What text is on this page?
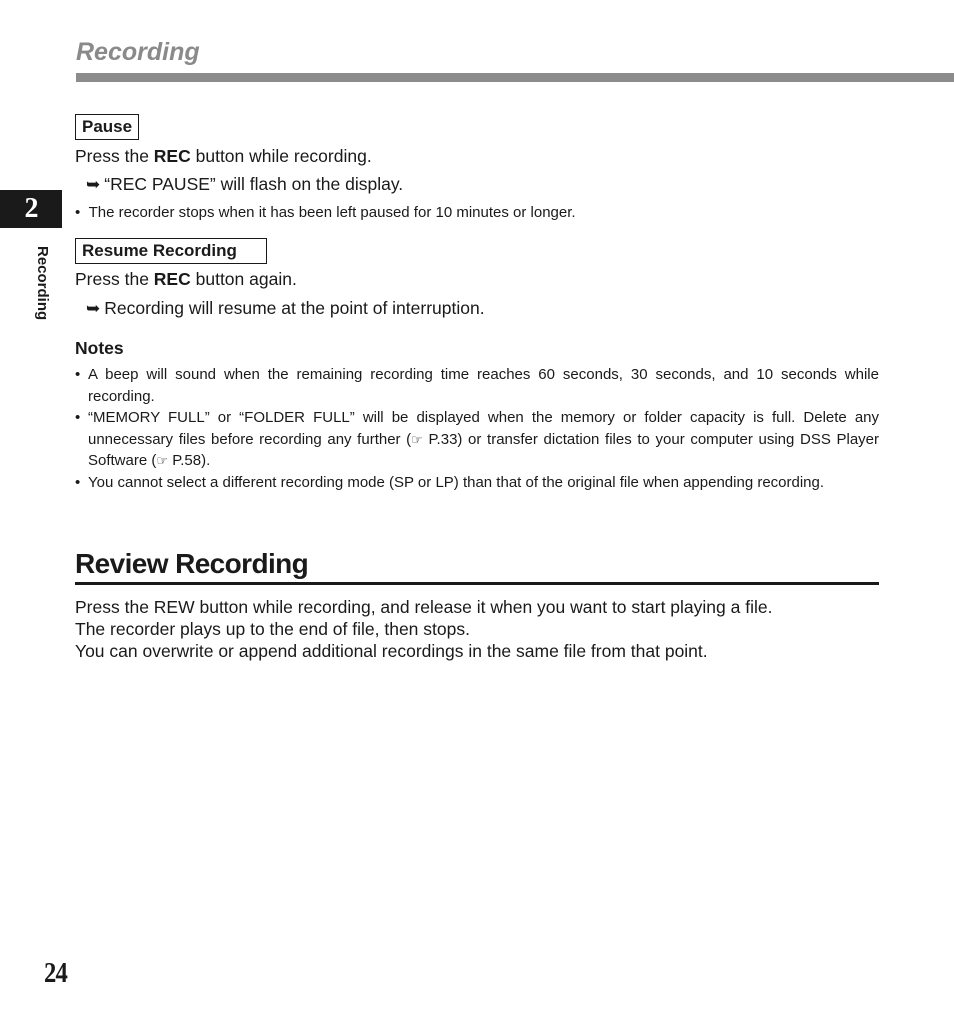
Recording
2
Recording
Pause
Press the REC button while recording.
➥ “REC PAUSE” will flash on the display.
• The recorder stops when it has been left paused for 10 minutes or longer.
Resume Recording
Press the REC button again.
➥ Recording will resume at the point of interruption.
Notes
• A beep will sound when the remaining recording time reaches 60 seconds, 30 seconds, and 10 seconds while recording.
• “MEMORY FULL” or “FOLDER FULL” will be displayed when the memory or folder capacity is full. Delete any unnecessary files before recording any further (☞ P.33) or transfer dictation files to your computer using DSS Player Software (☞ P.58).
• You cannot select a different recording mode (SP or LP) than that of the original file when appending recording.
Review Recording
Press the REW button while recording, and release it when you want to start playing a file.
The recorder plays up to the end of file, then stops.
You can overwrite or append additional recordings in the same file from that point.
24
